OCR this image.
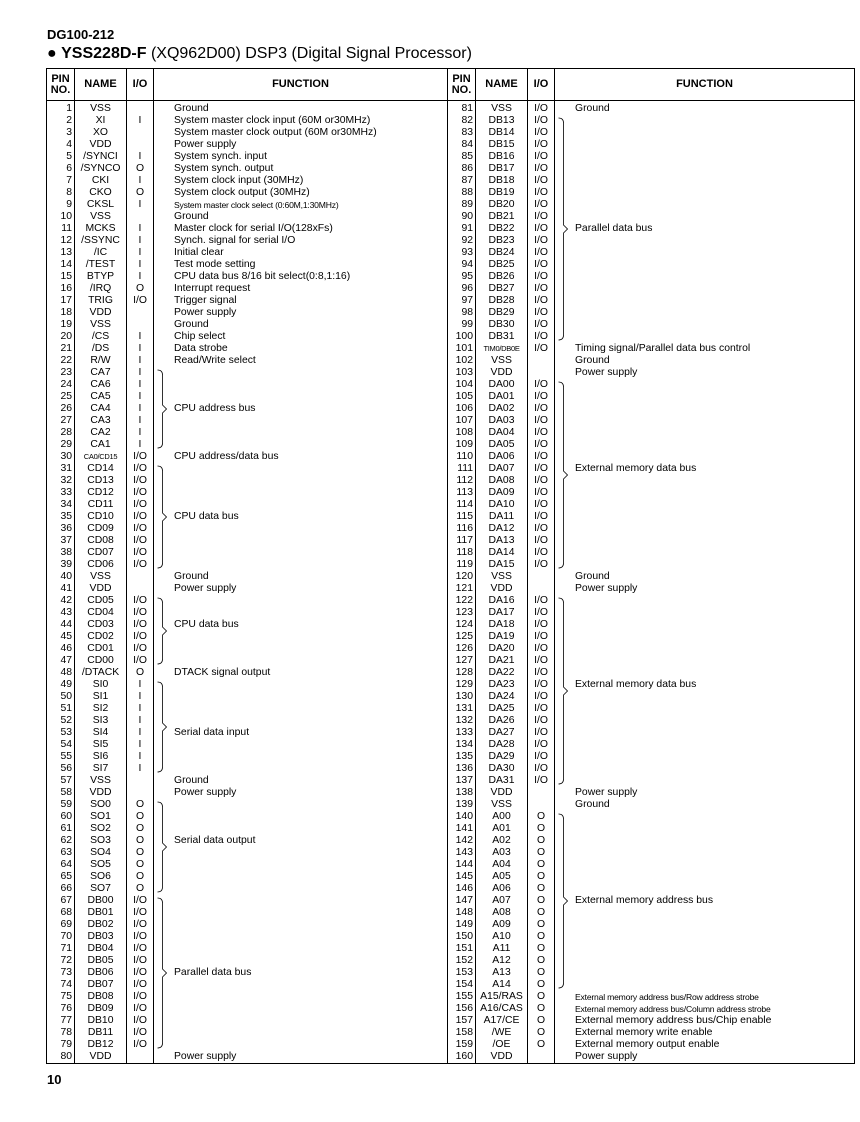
DG100-212
● YSS228D-F (XQ962D00) DSP3 (Digital Signal Processor)
PIN NO.	NAME	I/O	FUNCTION	PIN NO.	NAME	I/O	FUNCTION
1	VSS		Ground	81	VSS	I/O	Ground
2	XI	I	System master clock input (60M or30MHz)	82	DB13	I/O	
3	XO		System master clock output (60M or30MHz)	83	DB14	I/O	
4	VDD		Power supply	84	DB15	I/O	
5	/SYNCI	I	System synch. input	85	DB16	I/O	
6	/SYNCO	O	System synch. output	86	DB17	I/O	
7	CKI	I	System clock input (30MHz)	87	DB18	I/O	
8	CKO	O	System clock output (30MHz)	88	DB19	I/O	
9	CKSL	I	System master clock select (0:60M,1:30MHz)	89	DB20	I/O	
10	VSS		Ground	90	DB21	I/O	
11	MCKS	I	Master clock for serial I/O(128xFs)	91	DB22	I/O	Parallel data bus
12	/SSYNC	I	Synch. signal for serial I/O	92	DB23	I/O	
13	/IC	I	Initial clear	93	DB24	I/O	
14	/TEST	I	Test mode setting	94	DB25	I/O	
15	BTYP	I	CPU data bus 8/16 bit select(0:8,1:16)	95	DB26	I/O	
16	/IRQ	O	Interrupt request	96	DB27	I/O	
17	TRIG	I/O	Trigger signal	97	DB28	I/O	
18	VDD		Power supply	98	DB29	I/O	
19	VSS		Ground	99	DB30	I/O	
20	/CS	I	Chip select	100	DB31	I/O	
21	/DS	I	Data strobe	101	TIM0/DB0E	I/O	Timing signal/Parallel data bus control
22	R/W	I	Read/Write select	102	VSS		Ground
23	CA7	I		103	VDD		Power supply
24	CA6	I		104	DA00	I/O	
25	CA5	I		105	DA01	I/O	
26	CA4	I	CPU address bus	106	DA02	I/O	
27	CA3	I		107	DA03	I/O	
28	CA2	I		108	DA04	I/O	
29	CA1	I		109	DA05	I/O	
30	CA0/CD15	I/O	CPU address/data bus	110	DA06	I/O	
31	CD14	I/O		111	DA07	I/O	External memory data bus
32	CD13	I/O		112	DA08	I/O	
33	CD12	I/O		113	DA09	I/O	
34	CD11	I/O		114	DA10	I/O	
35	CD10	I/O	CPU data bus	115	DA11	I/O	
36	CD09	I/O		116	DA12	I/O	
37	CD08	I/O		117	DA13	I/O	
38	CD07	I/O		118	DA14	I/O	
39	CD06	I/O		119	DA15	I/O	
40	VSS		Ground	120	VSS		Ground
41	VDD		Power supply	121	VDD		Power supply
42	CD05	I/O		122	DA16	I/O	
43	CD04	I/O		123	DA17	I/O	
44	CD03	I/O	CPU data bus	124	DA18	I/O	
45	CD02	I/O		125	DA19	I/O	
46	CD01	I/O		126	DA20	I/O	
47	CD00	I/O		127	DA21	I/O	
48	/DTACK	O	DTACK signal output	128	DA22	I/O	
49	SI0	I		129	DA23	I/O	External memory data bus
50	SI1	I		130	DA24	I/O	
51	SI2	I		131	DA25	I/O	
52	SI3	I		132	DA26	I/O	
53	SI4	I	Serial data input	133	DA27	I/O	
54	SI5	I		134	DA28	I/O	
55	SI6	I		135	DA29	I/O	
56	SI7	I		136	DA30	I/O	
57	VSS		Ground	137	DA31	I/O	
58	VDD		Power supply	138	VDD		Power supply
59	SO0	O		139	VSS		Ground
60	SO1	O		140	A00	O	
61	SO2	O		141	A01	O	
62	SO3	O	Serial data output	142	A02	O	
63	SO4	O		143	A03	O	
64	SO5	O		144	A04	O	
65	SO6	O		145	A05	O	
66	SO7	O		146	A06	O	
67	DB00	I/O		147	A07	O	External memory address bus
68	DB01	I/O		148	A08	O	
69	DB02	I/O		149	A09	O	
70	DB03	I/O		150	A10	O	
71	DB04	I/O		151	A11	O	
72	DB05	I/O		152	A12	O	
73	DB06	I/O	Parallel data bus	153	A13	O	
74	DB07	I/O		154	A14	O	
75	DB08	I/O		155	A15/RAS	O	External memory address bus/Row address strobe
76	DB09	I/O		156	A16/CAS	O	External memory address bus/Column address strobe
77	DB10	I/O		157	A17/CE	O	External memory address bus/Chip enable
78	DB11	I/O		158	/WE	O	External memory write enable
79	DB12	I/O		159	/OE	O	External memory output enable
80	VDD		Power supply	160	VDD		Power supply
10
